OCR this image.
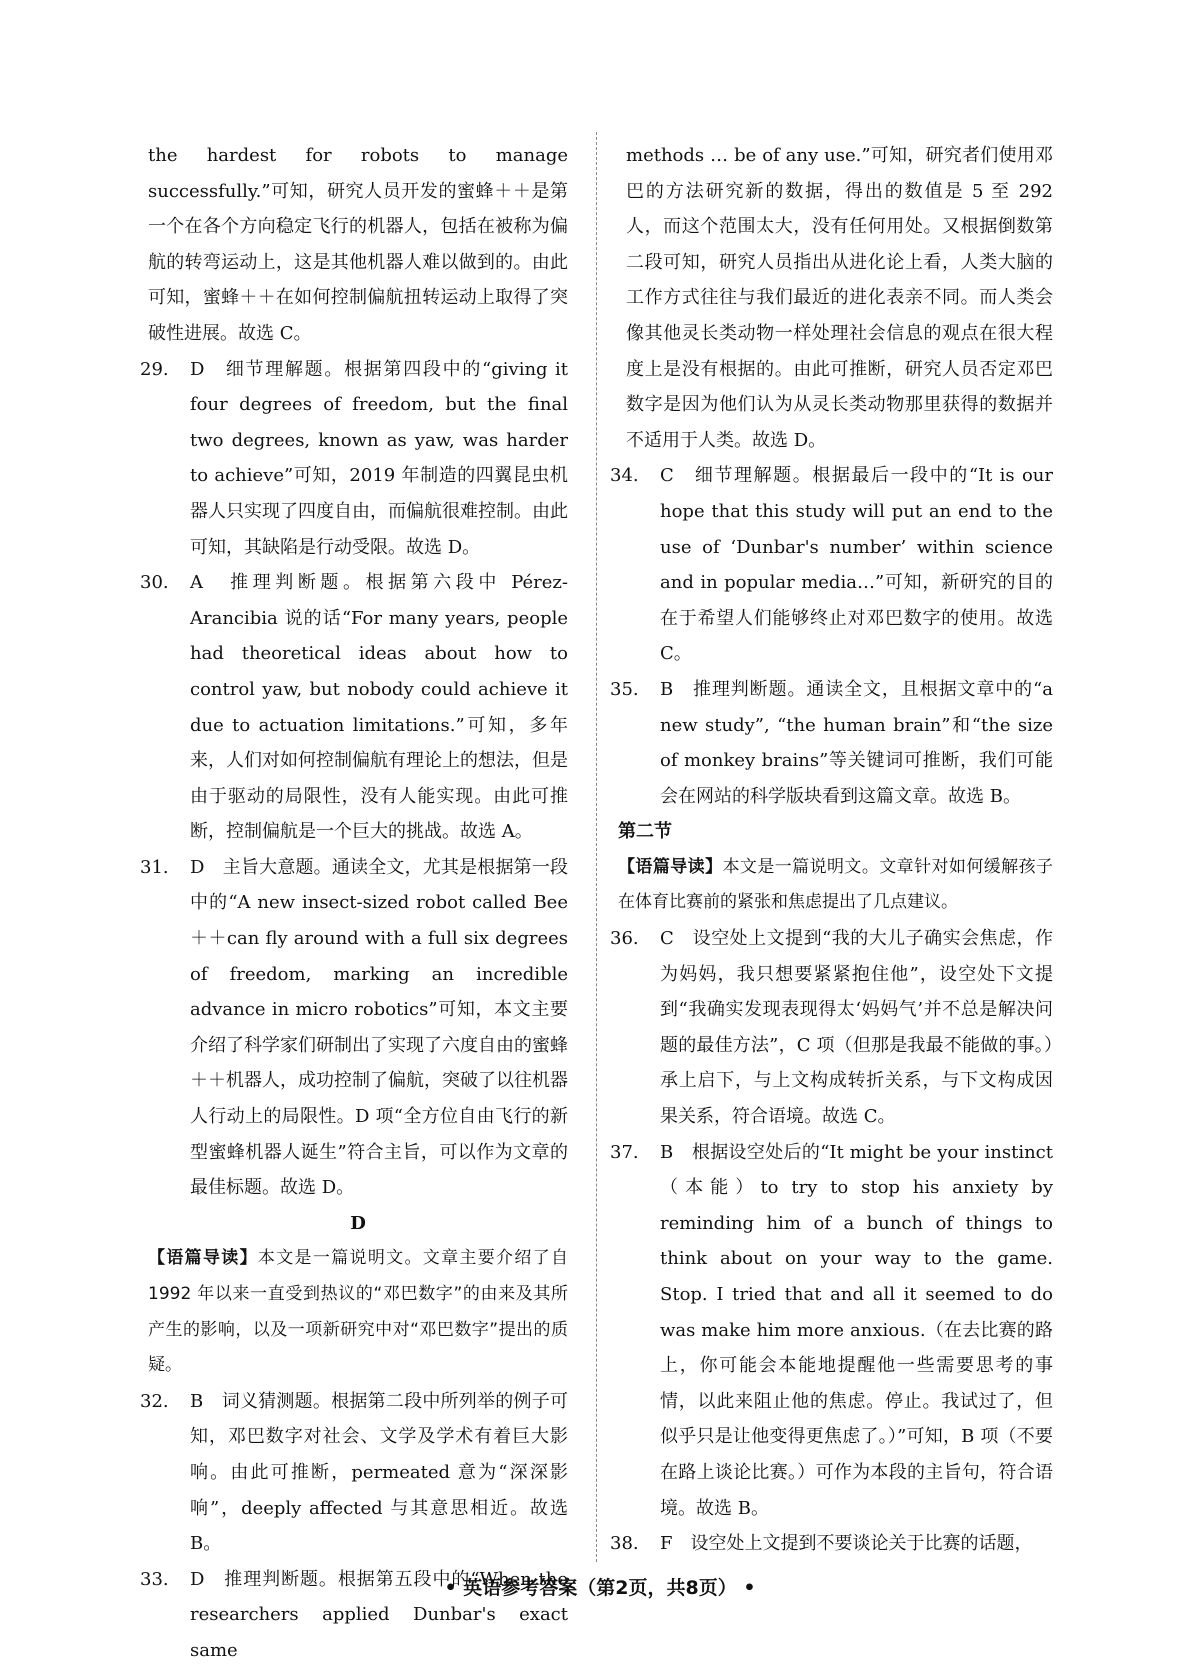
the hardest for robots to manage successfully.”可知，研究人员开发的蜜蜂＋＋是第一个在各个方向稳定飞行的机器人，包括在被称为偏航的转弯运动上，这是其他机器人难以做到的。由此可知，蜜蜂＋＋在如何控制偏航扭转运动上取得了突破性进展。故选 C。

29. D　细节理解题。根据第四段中的“giving it four degrees of freedom, but the final two degrees, known as yaw, was harder to achieve”可知，2019 年制造的四翼昆虫机器人只实现了四度自由，而偏航很难控制。由此可知，其缺陷是行动受限。故选 D。

30. A　推理判断题。根据第六段中 Pérez-Arancibia 说的话“For many years, people had theoretical ideas about how to control yaw, but nobody could achieve it due to actuation limitations.”可知，多年来，人们对如何控制偏航有理论上的想法，但是由于驱动的局限性，没有人能实现。由此可推断，控制偏航是一个巨大的挑战。故选 A。

31. D　主旨大意题。通读全文，尤其是根据第一段中的“A new insect-sized robot called Bee＋＋can fly around with a full six degrees of freedom, marking an incredible advance in micro robotics”可知，本文主要介绍了科学家们研制出了实现了六度自由的蜜蜂＋＋机器人，成功控制了偏航，突破了以往机器人行动上的局限性。D 项“全方位自由飞行的新型蜜蜂机器人诞生”符合主旨，可以作为文章的最佳标题。故选 D。

D

【语篇导读】本文是一篇说明文。文章主要介绍了自 1992 年以来一直受到热议的“邓巴数字”的由来及其所产生的影响，以及一项新研究中对“邓巴数字”提出的质疑。

32. B　词义猜测题。根据第二段中所列举的例子可知，邓巴数字对社会、文学及学术有着巨大影响。由此可推断，permeated 意为“深深影响”，deeply affected 与其意思相近。故选 B。

33. D　推理判断题。根据第五段中的“When the researchers applied Dunbar's exact same

methods … be of any use.”可知，研究者们使用邓巴的方法研究新的数据，得出的数值是 5 至 292 人，而这个范围太大，没有任何用处。又根据倒数第二段可知，研究人员指出从进化论上看，人类大脑的工作方式往往与我们最近的进化表亲不同。而人类会像其他灵长类动物一样处理社会信息的观点在很大程度上是没有根据的。由此可推断，研究人员否定邓巴数字是因为他们认为从灵长类动物那里获得的数据并不适用于人类。故选 D。

34. C　细节理解题。根据最后一段中的“It is our hope that this study will put an end to the use of ‘Dunbar's number’ within science and in popular media…”可知，新研究的目的在于希望人们能够终止对邓巴数字的使用。故选 C。

35. B　推理判断题。通读全文，且根据文章中的“a new study”, “the human brain”和“the size of monkey brains”等关键词可推断，我们可能会在网站的科学版块看到这篇文章。故选 B。

第二节

【语篇导读】本文是一篇说明文。文章针对如何缓解孩子在体育比赛前的紧张和焦虑提出了几点建议。

36. C　设空处上文提到“我的大儿子确实会焦虑，作为妈妈，我只想要紧紧抱住他”，设空处下文提到“我确实发现表现得太‘妈妈气’并不总是解决问题的最佳方法”，C 项（但那是我最不能做的事。）承上启下，与上文构成转折关系，与下文构成因果关系，符合语境。故选 C。

37. B　根据设空处后的“It might be your instinct（本能）to try to stop his anxiety by reminding him of a bunch of things to think about on your way to the game. Stop. I tried that and all it seemed to do was make him more anxious.（在去比赛的路上，你可能会本能地提醒他一些需要思考的事情，以此来阻止他的焦虑。停止。我试过了，但似乎只是让他变得更焦虑了。）”可知，B 项（不要在路上谈论比赛。）可作为本段的主旨句，符合语境。故选 B。

38. F　设空处上文提到不要谈论关于比赛的话题，

• 英语参考答案（第2页，共8页） •
